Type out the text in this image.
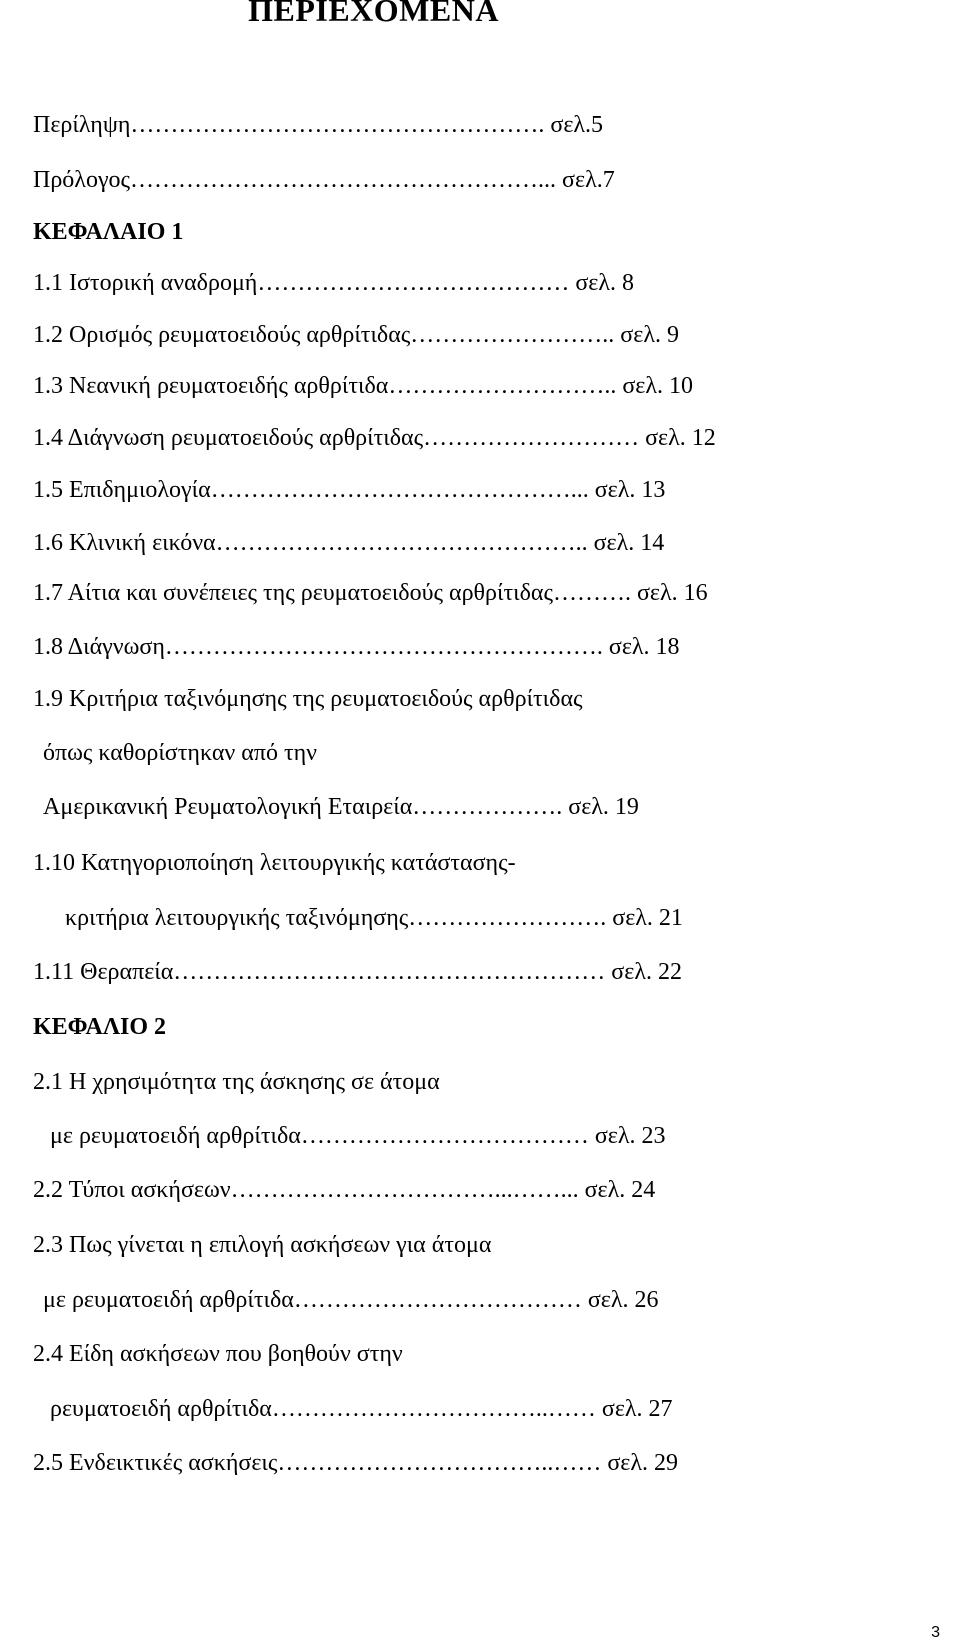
ΠΕΡΙΕΧΟΜΕΝΑ
Περίληψη……………………………………………. σελ.5
Πρόλογος……………………………………………... σελ.7
ΚΕΦΑΛΑΙΟ 1
1.1 Ιστορική αναδρομή………………………………… σελ. 8
1.2 Ορισμός ρευματοειδούς αρθρίτιδας…………………….. σελ. 9
1.3 Νεανική ρευματοειδής αρθρίτιδα……………………….. σελ. 10
1.4 Διάγνωση ρευματοειδούς αρθρίτιδας……………………… σελ. 12
1.5 Επιδημιολογία………………………………………... σελ. 13
1.6 Κλινική εικόνα……………………………………….. σελ. 14
1.7 Αίτια και συνέπειες της ρευματοειδούς αρθρίτιδας………. σελ. 16
1.8 Διάγνωση………………………………………………. σελ. 18
1.9 Κριτήρια ταξινόμησης της ρευματοειδούς αρθρίτιδας
όπως καθορίστηκαν από την
Αμερικανική Ρευματολογική Εταιρεία………………. σελ. 19
1.10 Κατηγοριοποίηση λειτουργικής κατάστασης-
κριτήρια λειτουργικής ταξινόμησης……………………. σελ. 21
1.11 Θεραπεία……………………………………………… σελ. 22
ΚΕΦΑΛΙΟ 2
2.1 Η χρησιμότητα της άσκησης σε άτομα
με ρευματοειδή αρθρίτιδα……………………………… σελ. 23
2.2 Τύποι ασκήσεων……………………………...……... σελ. 24
2.3 Πως γίνεται η επιλογή ασκήσεων για άτομα
με ρευματοειδή αρθρίτιδα……………………………… σελ. 26
2.4 Είδη ασκήσεων που βοηθούν στην
ρευματοειδή αρθρίτιδα……………………………..…… σελ. 27
2.5 Ενδεικτικές ασκήσεις……………………………..…… σελ. 29
3
